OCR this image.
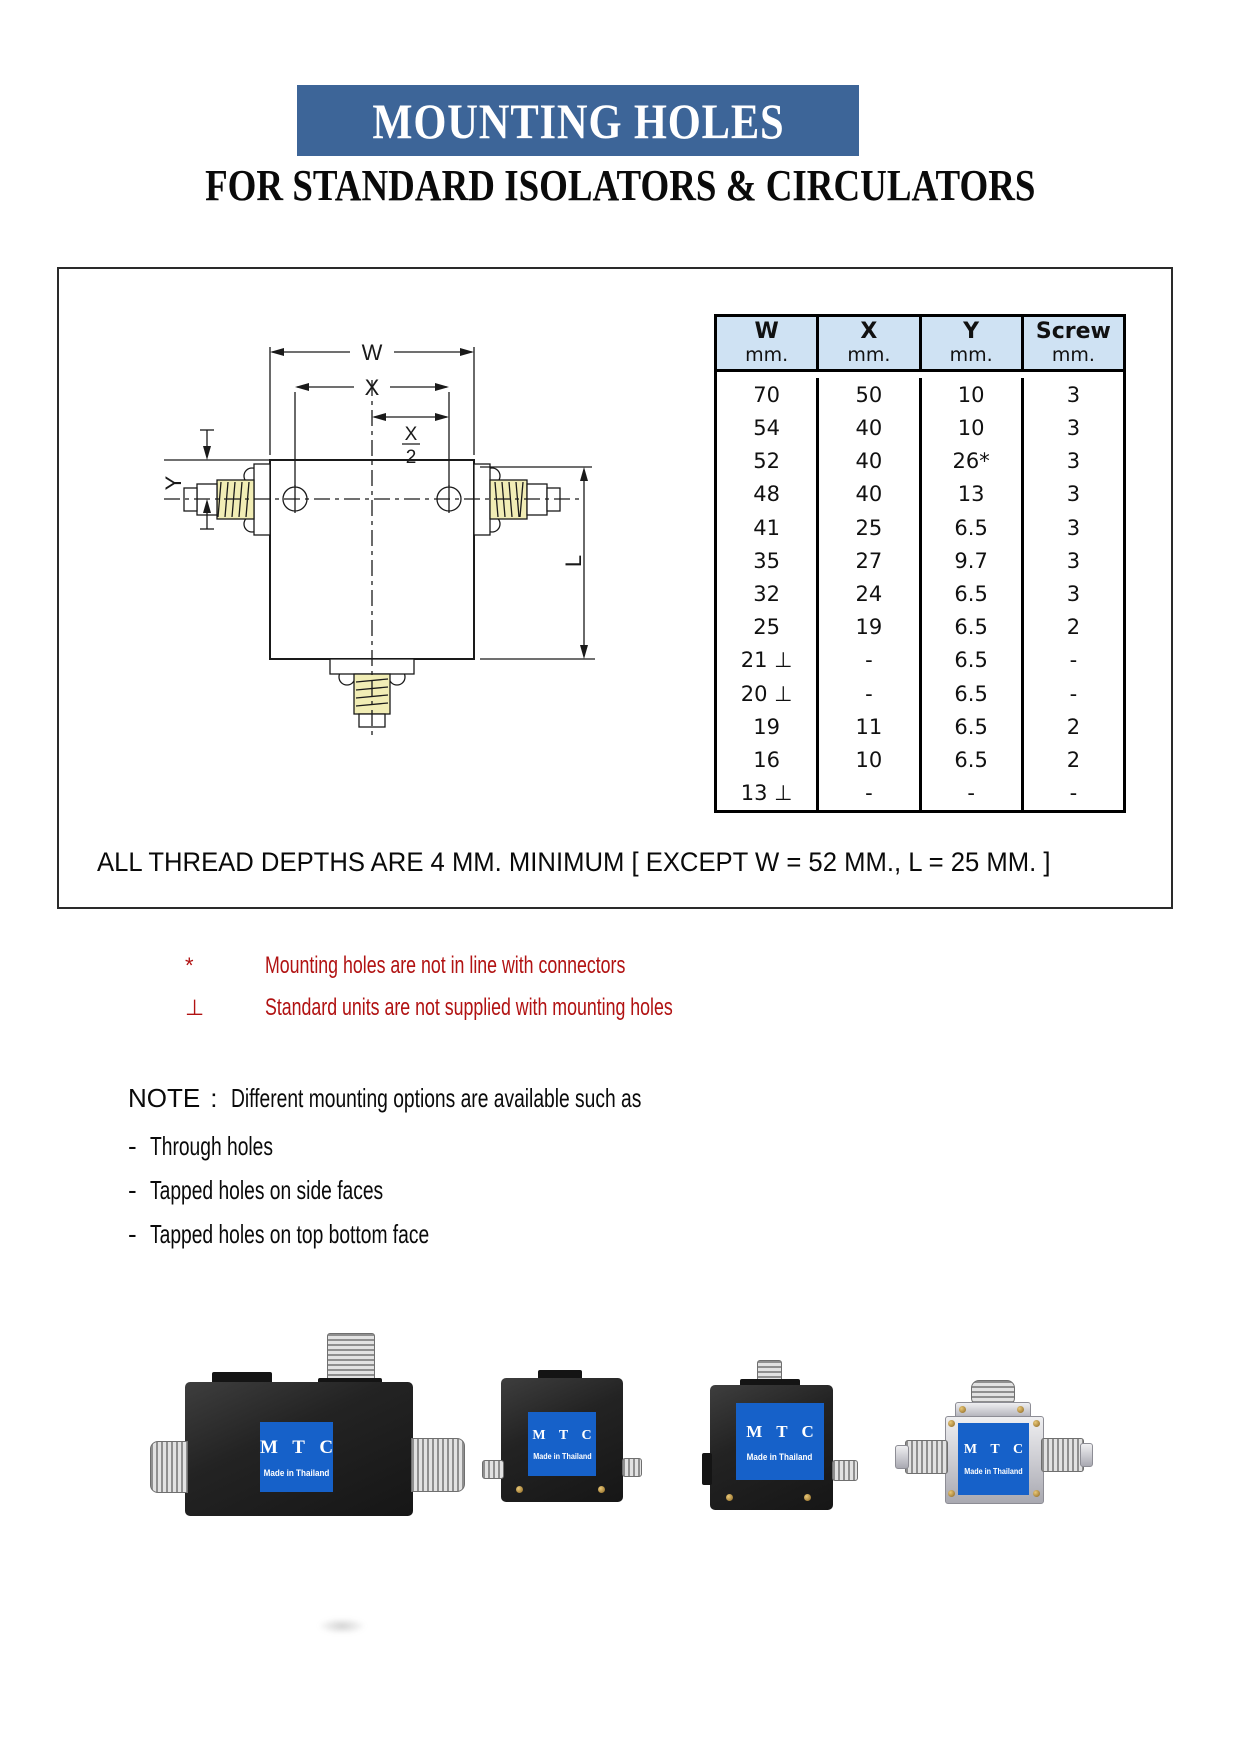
MOUNTING HOLES
FOR STANDARD ISOLATORS & CIRCULATORS
W
X
X
2
Y
L
W
mm.
X
mm.
Y
mm.
Screw
mm.
70	50	10	3
54	40	10	3
52	40	26*	3
48	40	13	3
41	25	6.5	3
35	27	9.7	3
32	24	6.5	3
25	19	6.5	2
21 ⊥	-	6.5	-
20 ⊥	-	6.5	-
19	11	6.5	2
16	10	6.5	2
13 ⊥	-	-	-
ALL THREAD DEPTHS ARE 4 MM. MINIMUM [ EXCEPT W = 52 MM., L = 25 MM. ]
*	Mounting holes are not in line with connectors
⊥	Standard units are not supplied with mounting holes
NOTE : Different mounting options are available such as
- Through holes
- Tapped holes on side faces
- Tapped holes on top bottom face
M T C
Made in Thailand
M T C
Made in Thailand
M T C
Made in Thailand	M T C
Made in Thailand
